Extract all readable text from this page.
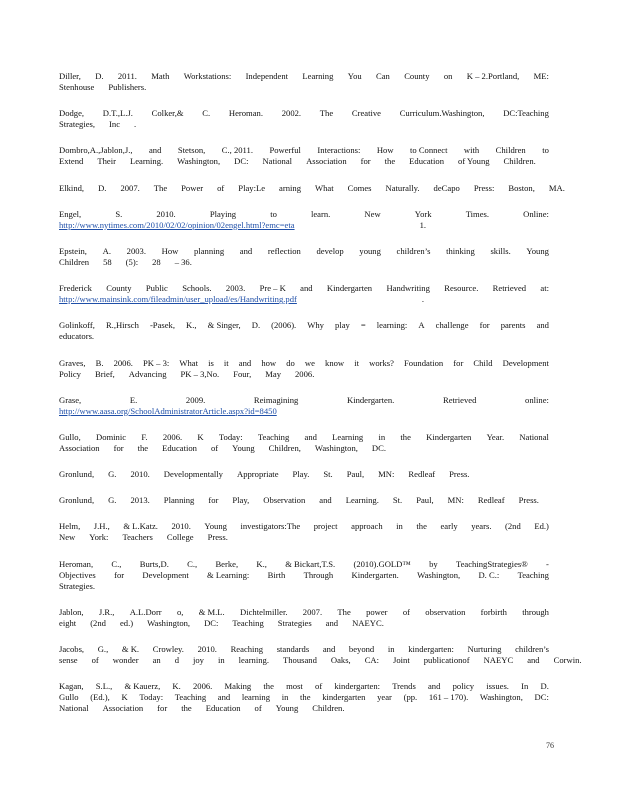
Diller, D. 2011. Math Workstations: Independent Learning You Can County on K – 2.Portland, ME:
Stenhouse Publishers.
Dodge, D.T.,L.J. Colker,& C. Heroman. 2002. The Creative Curriculum.Washington, DC:Teaching
Strategies, Inc .
Dombro,A.,Jablon,J., and Stetson, C., 2011. Powerful Interactions: How to Connect with Children to
Extend Their Learning. Washington, DC: National Association for the Education of Young Children.
Elkind, D. 2007. The Power of Play:Le arning What Comes Naturally. deCapo Press: Boston, MA.
Engel,	S.	2010.	Playing	to	learn.	New	York	Times.	Online:
http://www.nytimes.com/2010/02/02/opinion/02engel.html?emc=eta	1.
Epstein, A. 2003. How planning and reflection develop young children’s thinking skills. Young
Children 58 (5): 28 – 36.
Frederick County Public Schools. 2003. Pre – K and Kindergarten Handwriting Resource. Retrieved at:
http://www.mainsink.com/fileadmin/user_upload/es/Handwriting.pdf	.
Golinkoff, R.,Hirsch -Pasek, K., & Singer, D. (2006). Why play = learning: A challenge for parents and
educators.
Graves, B. 2006. PK – 3: What is it and how do we know it works? Foundation for Child Development
Policy Brief, Advancing PK – 3,No. Four, May 2006.
Grase,	E.	2009.	Reimagining	Kindergarten.	Retrieved	online:
http://www.aasa.org/SchoolAdministratorArticle.aspx?id=8450
Gullo, Dominic F. 2006. K Today: Teaching and Learning in the Kindergarten Year. National
Association for the Education of Young Children, Washington, DC.
Gronlund, G. 2010. Developmentally Appropriate Play. St. Paul, MN: Redleaf Press.
Gronlund, G. 2013. Planning for Play, Observation and Learning. St. Paul, MN: Redleaf Press.
Helm, J.H., & L.Katz. 2010. Young investigators:The project approach in the early years. (2nd Ed.)
New York: Teachers College Press.
Heroman, C., Burts,D. C., Berke, K., & Bickart,T.S. (2010).GOLD™ by TeachingStrategies® -
Objectives for Development & Learning: Birth Through Kindergarten. Washington, D. C.: Teaching
Strategies.
Jablon, J.R., A.L.Dorr o, & M.L. Dichtelmiller. 2007. The power of observation forbirth through
eight (2nd ed.) Washington, DC: Teaching Strategies and NAEYC.
Jacobs, G., & K. Crowley. 2010. Reaching standards and beyond in kindergarten: Nurturing children’s
sense of wonder an d joy in learning. Thousand Oaks, CA: Joint publicationof NAEYC and Corwin.
Kagan, S.L., & Kauerz, K. 2006. Making the most of kindergarten: Trends and policy issues. In D.
Gullo (Ed.), K Today: Teaching and learning in the kindergarten year (pp. 161 – 170). Washington, DC:
National Association for the Education of Young Children.
76
